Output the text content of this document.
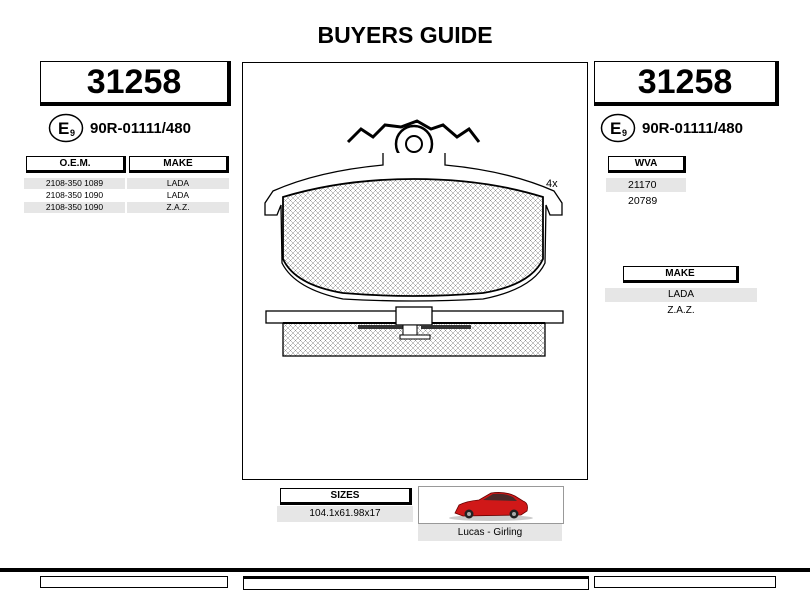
BUYERS GUIDE
31258
E 9 90R-01111/480
O.E.M.	MAKE
2108-350 1089	LADA
2108-350 1090	LADA
2108-350 1090	Z.A.Z.
4x
31258
E 9 90R-01111/480
WVA
21170
20789
MAKE
LADA
Z.A.Z.
SIZES
104.1x61.98x17
Lucas - Girling
